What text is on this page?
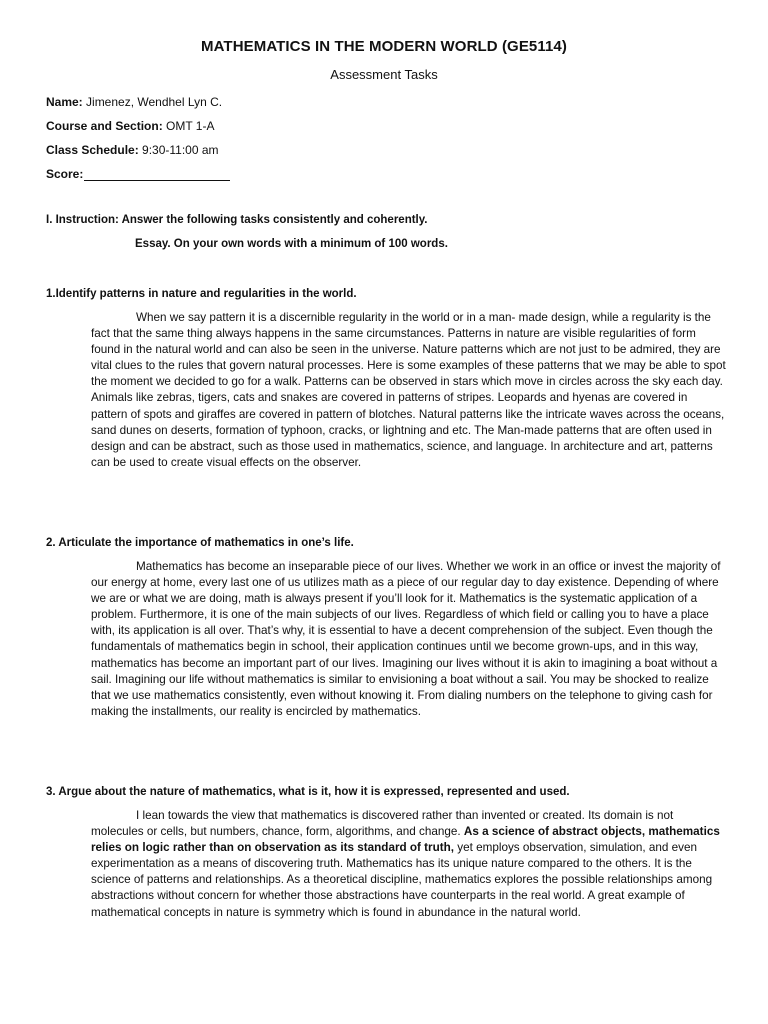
MATHEMATICS IN THE MODERN WORLD (GE5114)
Assessment Tasks
Name: Jimenez, Wendhel Lyn C.
Course and Section: OMT 1-A
Class Schedule: 9:30-11:00 am
Score:
I. Instruction: Answer the following tasks consistently and coherently.
Essay. On your own words with a minimum of 100 words.
1.Identify patterns in nature and regularities in the world.

When we say pattern it is a discernible regularity in the world or in a man- made design, while a regularity is the fact that the same thing always happens in the same circumstances. Patterns in nature are visible regularities of form found in the natural world and can also be seen in the universe. Nature patterns which are not just to be admired, they are vital clues to the rules that govern natural processes. Here is some examples of these patterns that we may be able to spot the moment we decided to go for a walk. Patterns can be observed in stars which move in circles across the sky each day. Animals like zebras, tigers, cats and snakes are covered in patterns of stripes. Leopards and hyenas are covered in pattern of spots and giraffes are covered in pattern of blotches. Natural patterns like the intricate waves across the oceans, sand dunes on deserts, formation of typhoon, cracks, or lightning and etc. The Man-made patterns that are often used in design and can be abstract, such as those used in mathematics, science, and language. In architecture and art, patterns can be used to create visual effects on the observer.

2. Articulate the importance of mathematics in one’s life.

Mathematics has become an inseparable piece of our lives. Whether we work in an office or invest the majority of our energy at home, every last one of us utilizes math as a piece of our regular day to day existence. Depending of where we are or what we are doing, math is always present if you’ll look for it. Mathematics is the systematic application of a problem. Furthermore, it is one of the main subjects of our lives. Regardless of which field or calling you to have a place with, its application is all over. That’s why, it is essential to have a decent comprehension of the subject. Even though the fundamentals of mathematics begin in school, their application continues until we become grown-ups, and in this way, mathematics has become an important part of our lives. Imagining our lives without it is akin to imagining a boat without a sail. Imagining our life without mathematics is similar to envisioning a boat without a sail. You may be shocked to realize that we use mathematics consistently, even without knowing it. From dialing numbers on the telephone to giving cash for making the installments, our reality is encircled by mathematics.

3. Argue about the nature of mathematics, what is it, how it is expressed, represented and used.

I lean towards the view that mathematics is discovered rather than invented or created. Its domain is not molecules or cells, but numbers, chance, form, algorithms, and change. As a science of abstract objects, mathematics relies on logic rather than on observation as its standard of truth, yet employs observation, simulation, and even experimentation as a means of discovering truth. Mathematics has its unique nature compared to the others. It is the science of patterns and relationships. As a theoretical discipline, mathematics explores the possible relationships among abstractions without concern for whether those abstractions have counterparts in the real world. A great example of mathematical concepts in nature is symmetry which is found in abundance in the natural world.
